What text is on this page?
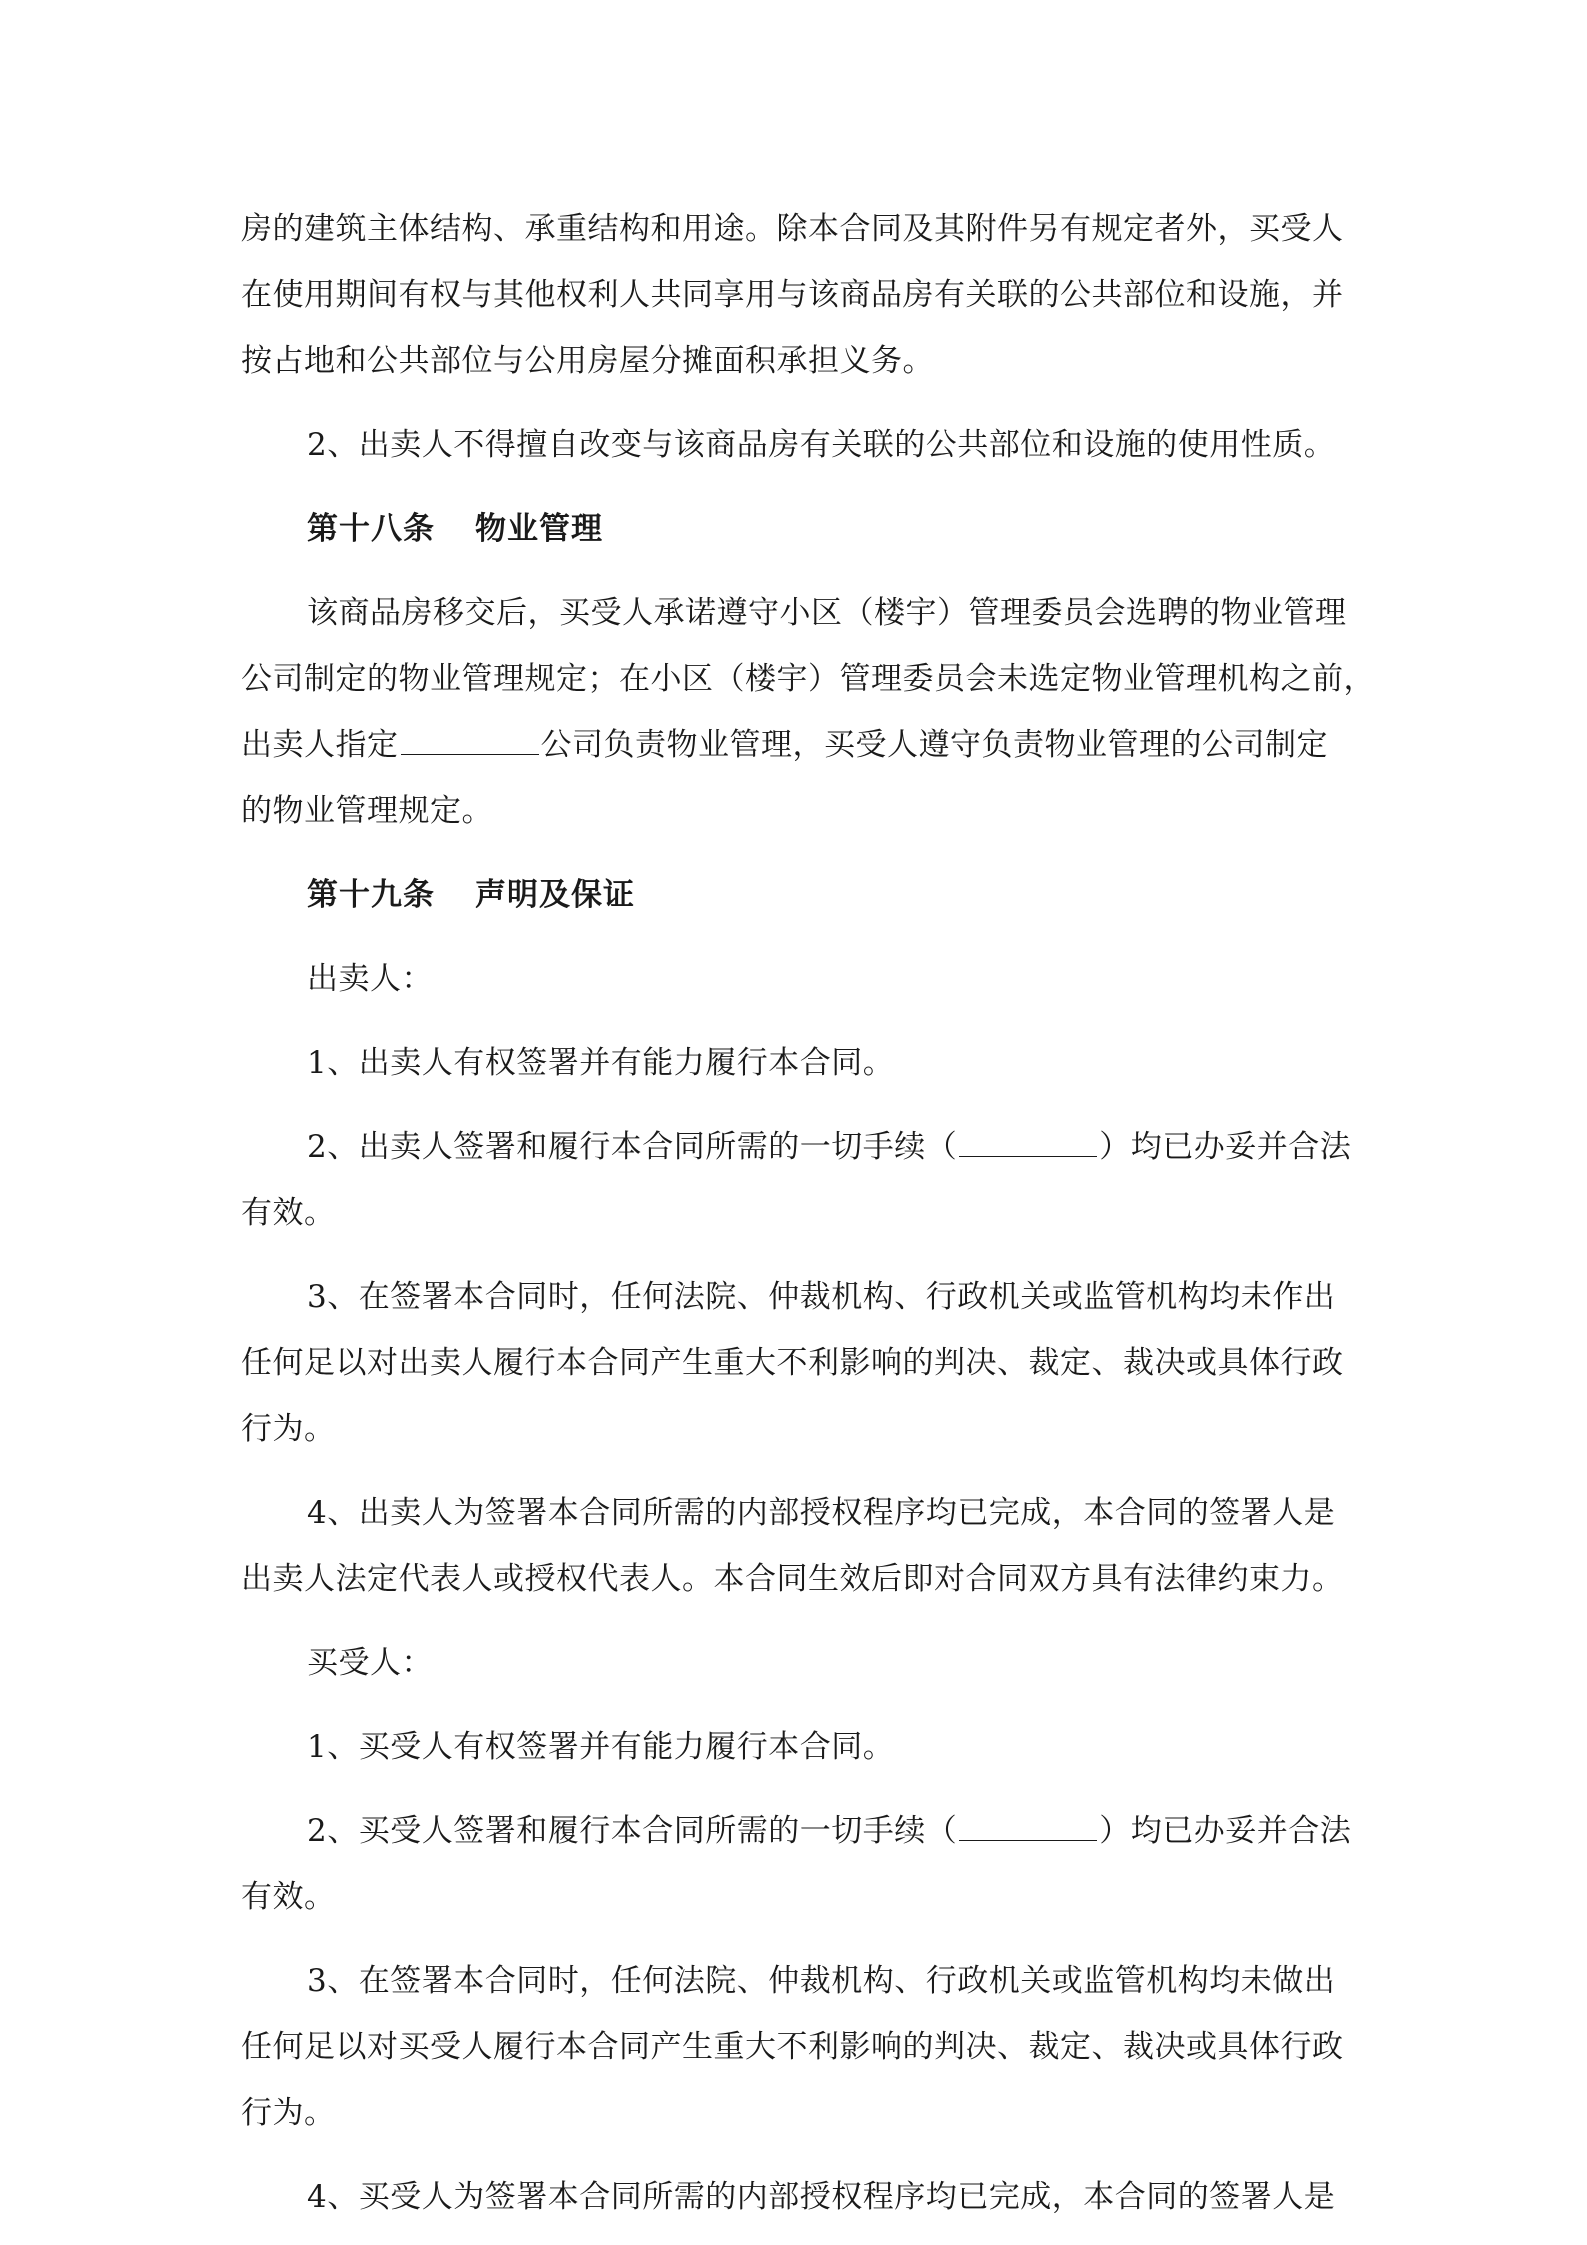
房的建筑主体结构、承重结构和用途。除本合同及其附件另有规定者外，买受人
在使用期间有权与其他权利人共同享用与该商品房有关联的公共部位和设施，并
按占地和公共部位与公用房屋分摊面积承担义务。
2、出卖人不得擅自改变与该商品房有关联的公共部位和设施的使用性质。
第十八条 物业管理
该商品房移交后，买受人承诺遵守小区（楼宇）管理委员会选聘的物业管理
公司制定的物业管理规定；在小区（楼宇）管理委员会未选定物业管理机构之前，
出卖人指定	公司负责物业管理，买受人遵守负责物业管理的公司制定
的物业管理规定。
第十九条 声明及保证
出卖人：
1、出卖人有权签署并有能力履行本合同。
2、出卖人签署和履行本合同所需的一切手续（	）均已办妥并合法
有效。
3、在签署本合同时，任何法院、仲裁机构、行政机关或监管机构均未作出
任何足以对出卖人履行本合同产生重大不利影响的判决、裁定、裁决或具体行政
行为。
4、出卖人为签署本合同所需的内部授权程序均已完成，本合同的签署人是
出卖人法定代表人或授权代表人。本合同生效后即对合同双方具有法律约束力。
买受人：
1、买受人有权签署并有能力履行本合同。
2、买受人签署和履行本合同所需的一切手续（	）均已办妥并合法
有效。
3、在签署本合同时，任何法院、仲裁机构、行政机关或监管机构均未做出
任何足以对买受人履行本合同产生重大不利影响的判决、裁定、裁决或具体行政
行为。
4、买受人为签署本合同所需的内部授权程序均已完成，本合同的签署人是
